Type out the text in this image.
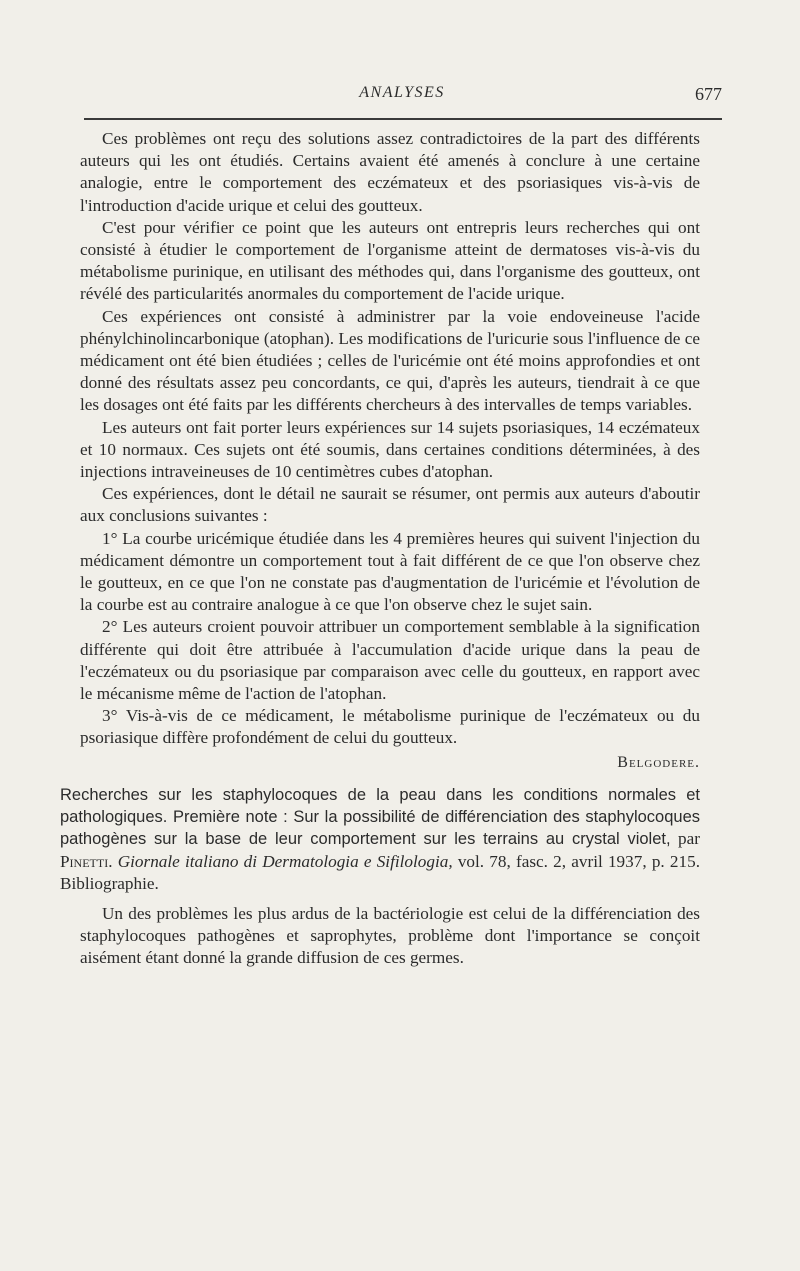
ANALYSES	677

Ces problèmes ont reçu des solutions assez contradictoires de la part des différents auteurs qui les ont étudiés. Certains avaient été amenés à conclure à une certaine analogie, entre le comportement des eczémateux et des psoriasiques vis-à-vis de l'introduction d'acide urique et celui des goutteux.

C'est pour vérifier ce point que les auteurs ont entrepris leurs recherches qui ont consisté à étudier le comportement de l'organisme atteint de dermatoses vis-à-vis du métabolisme purinique, en utilisant des méthodes qui, dans l'organisme des goutteux, ont révélé des particularités anormales du comportement de l'acide urique.

Ces expériences ont consisté à administrer par la voie endoveineuse l'acide phénylchinolincarbonique (atophan). Les modifications de l'uricurie sous l'influence de ce médicament ont été bien étudiées ; celles de l'uricémie ont été moins approfondies et ont donné des résultats assez peu concordants, ce qui, d'après les auteurs, tiendrait à ce que les dosages ont été faits par les différents chercheurs à des intervalles de temps variables.

Les auteurs ont fait porter leurs expériences sur 14 sujets psoriasiques, 14 eczémateux et 10 normaux. Ces sujets ont été soumis, dans certaines conditions déterminées, à des injections intraveineuses de 10 centimètres cubes d'atophan.

Ces expériences, dont le détail ne saurait se résumer, ont permis aux auteurs d'aboutir aux conclusions suivantes :

1° La courbe uricémique étudiée dans les 4 premières heures qui suivent l'injection du médicament démontre un comportement tout à fait différent de ce que l'on observe chez le goutteux, en ce que l'on ne constate pas d'augmentation de l'uricémie et l'évolution de la courbe est au contraire analogue à ce que l'on observe chez le sujet sain.

2° Les auteurs croient pouvoir attribuer un comportement semblable à la signification différente qui doit être attribuée à l'accumulation d'acide urique dans la peau de l'eczémateux ou du psoriasique par comparaison avec celle du goutteux, en rapport avec le mécanisme même de l'action de l'atophan.

3° Vis-à-vis de ce médicament, le métabolisme purinique de l'eczémateux ou du psoriasique diffère profondément de celui du goutteux.

Belgodere.
Recherches sur les staphylocoques de la peau dans les conditions normales et pathologiques. Première note : Sur la possibilité de différenciation des staphylocoques pathogènes sur la base de leur comportement sur les terrains au crystal violet, par Pinetti. Giornale italiano di Dermatologia e Sifilologia, vol. 78, fasc. 2, avril 1937, p. 215. Bibliographie.

Un des problèmes les plus ardus de la bactériologie est celui de la différenciation des staphylocoques pathogènes et saprophytes, problème dont l'importance se conçoit aisément étant donné la grande diffusion de ces germes.
